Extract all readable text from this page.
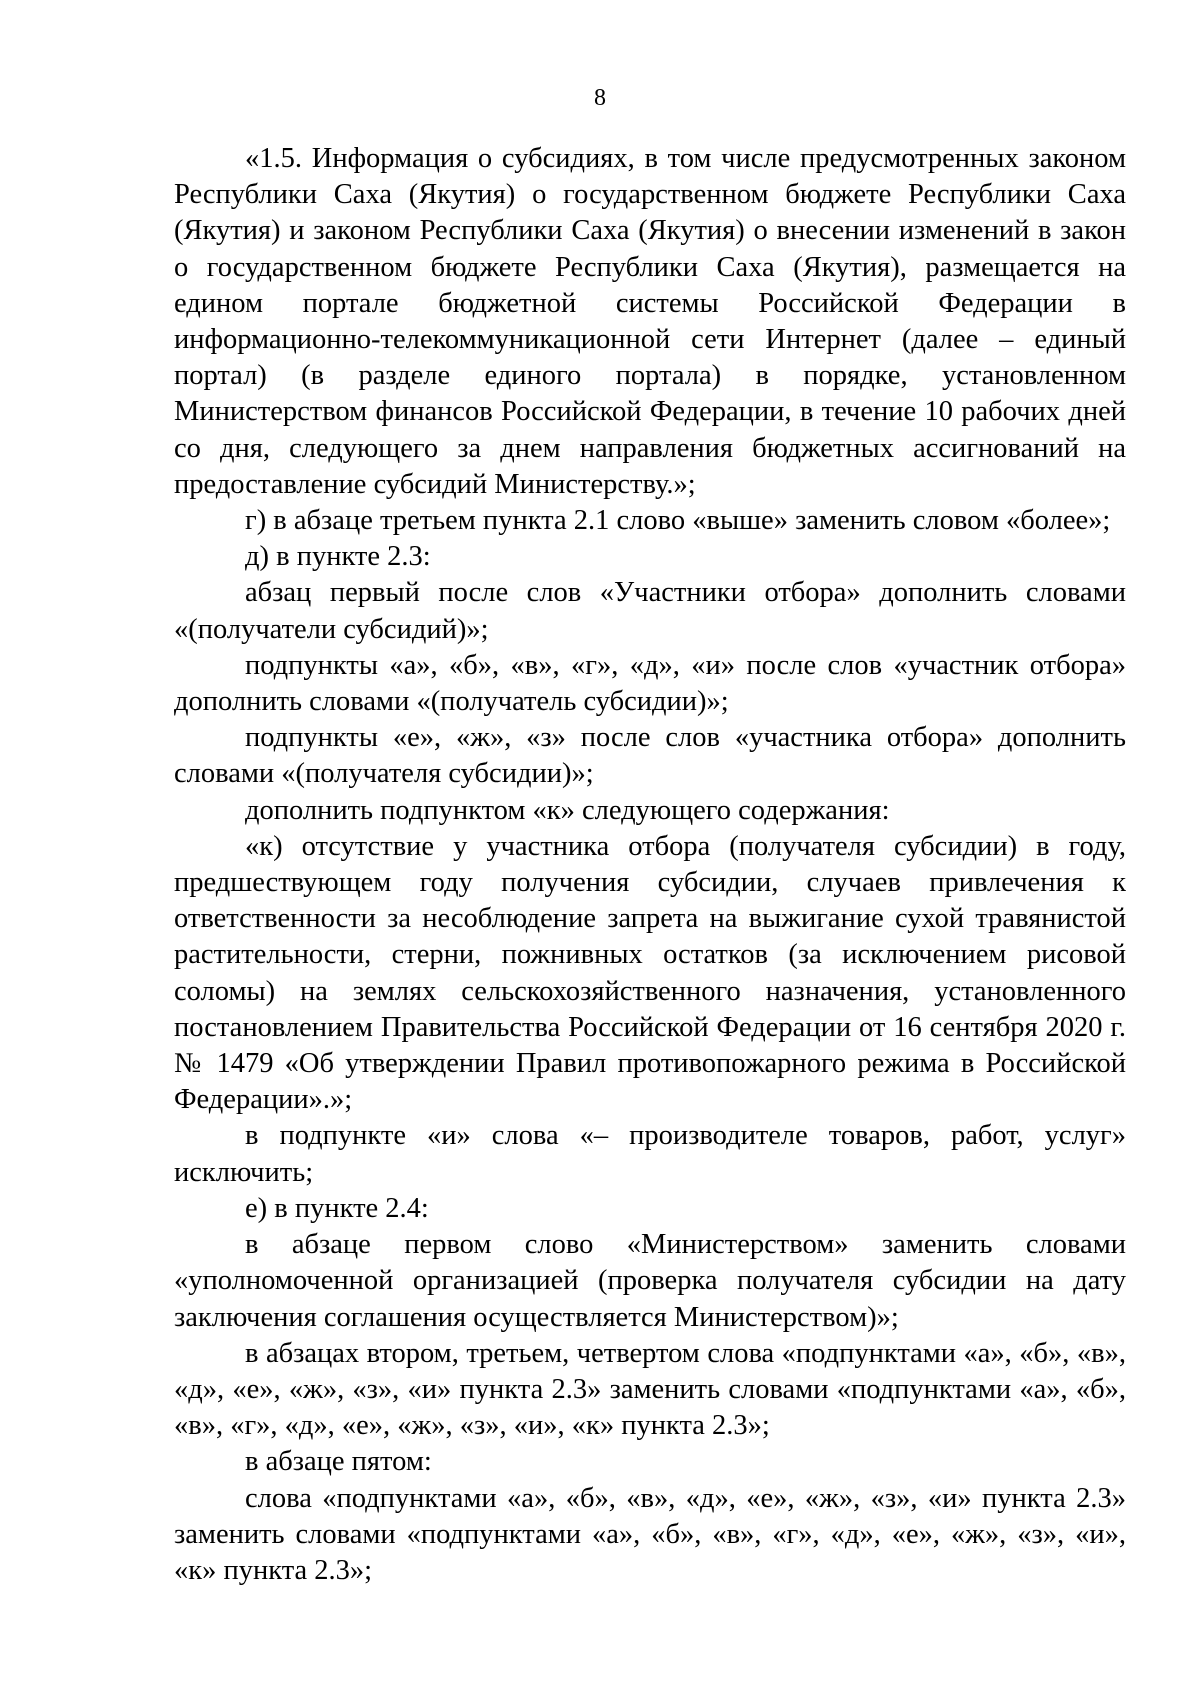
8

«1.5. Информация о субсидиях, в том числе предусмотренных законом Республики Саха (Якутия) о государственном бюджете Республики Саха (Якутия) и законом Республики Саха (Якутия) о внесении изменений в закон о государственном бюджете Республики Саха (Якутия), размещается на едином портале бюджетной системы Российской Федерации в информационно-телекоммуникационной сети Интернет (далее – единый портал) (в разделе единого портала) в порядке, установленном Министерством финансов Российской Федерации, в течение 10 рабочих дней со дня, следующего за днем направления бюджетных ассигнований на предоставление субсидий Министерству.»;

г) в абзаце третьем пункта 2.1 слово «выше» заменить словом «более»;

д) в пункте 2.3:

абзац первый после слов «Участники отбора» дополнить словами «(получатели субсидий)»;

подпункты «а», «б», «в», «г», «д», «и» после слов «участник отбора» дополнить словами «(получатель субсидии)»;

подпункты «е», «ж», «з» после слов «участника отбора» дополнить словами «(получателя субсидии)»;

дополнить подпунктом «к» следующего содержания:

«к) отсутствие у участника отбора (получателя субсидии) в году, предшествующем году получения субсидии, случаев привлечения к ответственности за несоблюдение запрета на выжигание сухой травянистой растительности, стерни, пожнивных остатков (за исключением рисовой соломы) на землях сельскохозяйственного назначения, установленного постановлением Правительства Российской Федерации от 16 сентября 2020 г. № 1479 «Об утверждении Правил противопожарного режима в Российской Федерации».»;

в подпункте «и» слова «– производителе товаров, работ, услуг» исключить;

е) в пункте 2.4:

в абзаце первом слово «Министерством» заменить словами «уполномоченной организацией (проверка получателя субсидии на дату заключения соглашения осуществляется Министерством)»;

в абзацах втором, третьем, четвертом слова «подпунктами «а», «б», «в», «д», «е», «ж», «з», «и» пункта 2.3» заменить словами «подпунктами «а», «б», «в», «г», «д», «е», «ж», «з», «и», «к» пункта 2.3»;

в абзаце пятом:

слова «подпунктами «а», «б», «в», «д», «е», «ж», «з», «и» пункта 2.3» заменить словами «подпунктами «а», «б», «в», «г», «д», «е», «ж», «з», «и», «к» пункта 2.3»;
